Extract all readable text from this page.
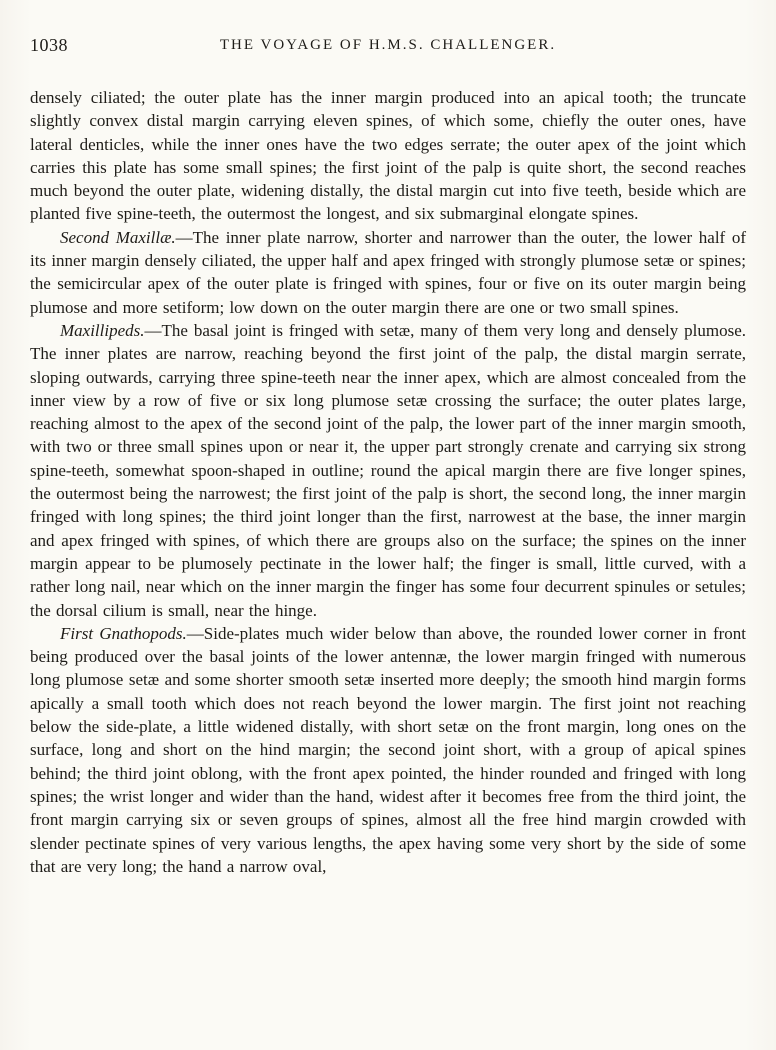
1038	THE VOYAGE OF H.M.S. CHALLENGER.

densely ciliated; the outer plate has the inner margin produced into an apical tooth; the truncate slightly convex distal margin carrying eleven spines, of which some, chiefly the outer ones, have lateral denticles, while the inner ones have the two edges serrate; the outer apex of the joint which carries this plate has some small spines; the first joint of the palp is quite short, the second reaches much beyond the outer plate, widening distally, the distal margin cut into five teeth, beside which are planted five spine-teeth, the outermost the longest, and six submarginal elongate spines.

Second Maxillæ.—The inner plate narrow, shorter and narrower than the outer, the lower half of its inner margin densely ciliated, the upper half and apex fringed with strongly plumose setæ or spines; the semicircular apex of the outer plate is fringed with spines, four or five on its outer margin being plumose and more setiform; low down on the outer margin there are one or two small spines.

Maxillipeds.—The basal joint is fringed with setæ, many of them very long and densely plumose. The inner plates are narrow, reaching beyond the first joint of the palp, the distal margin serrate, sloping outwards, carrying three spine-teeth near the inner apex, which are almost concealed from the inner view by a row of five or six long plumose setæ crossing the surface; the outer plates large, reaching almost to the apex of the second joint of the palp, the lower part of the inner margin smooth, with two or three small spines upon or near it, the upper part strongly crenate and carrying six strong spine-teeth, somewhat spoon-shaped in outline; round the apical margin there are five longer spines, the outermost being the narrowest; the first joint of the palp is short, the second long, the inner margin fringed with long spines; the third joint longer than the first, narrowest at the base, the inner margin and apex fringed with spines, of which there are groups also on the surface; the spines on the inner margin appear to be plumosely pectinate in the lower half; the finger is small, little curved, with a rather long nail, near which on the inner margin the finger has some four decurrent spinules or setules; the dorsal cilium is small, near the hinge.

First Gnathopods.—Side-plates much wider below than above, the rounded lower corner in front being produced over the basal joints of the lower antennæ, the lower margin fringed with numerous long plumose setæ and some shorter smooth setæ inserted more deeply; the smooth hind margin forms apically a small tooth which does not reach beyond the lower margin. The first joint not reaching below the side-plate, a little widened distally, with short setæ on the front margin, long ones on the surface, long and short on the hind margin; the second joint short, with a group of apical spines behind; the third joint oblong, with the front apex pointed, the hinder rounded and fringed with long spines; the wrist longer and wider than the hand, widest after it becomes free from the third joint, the front margin carrying six or seven groups of spines, almost all the free hind margin crowded with slender pectinate spines of very various lengths, the apex having some very short by the side of some that are very long; the hand a narrow oval,
